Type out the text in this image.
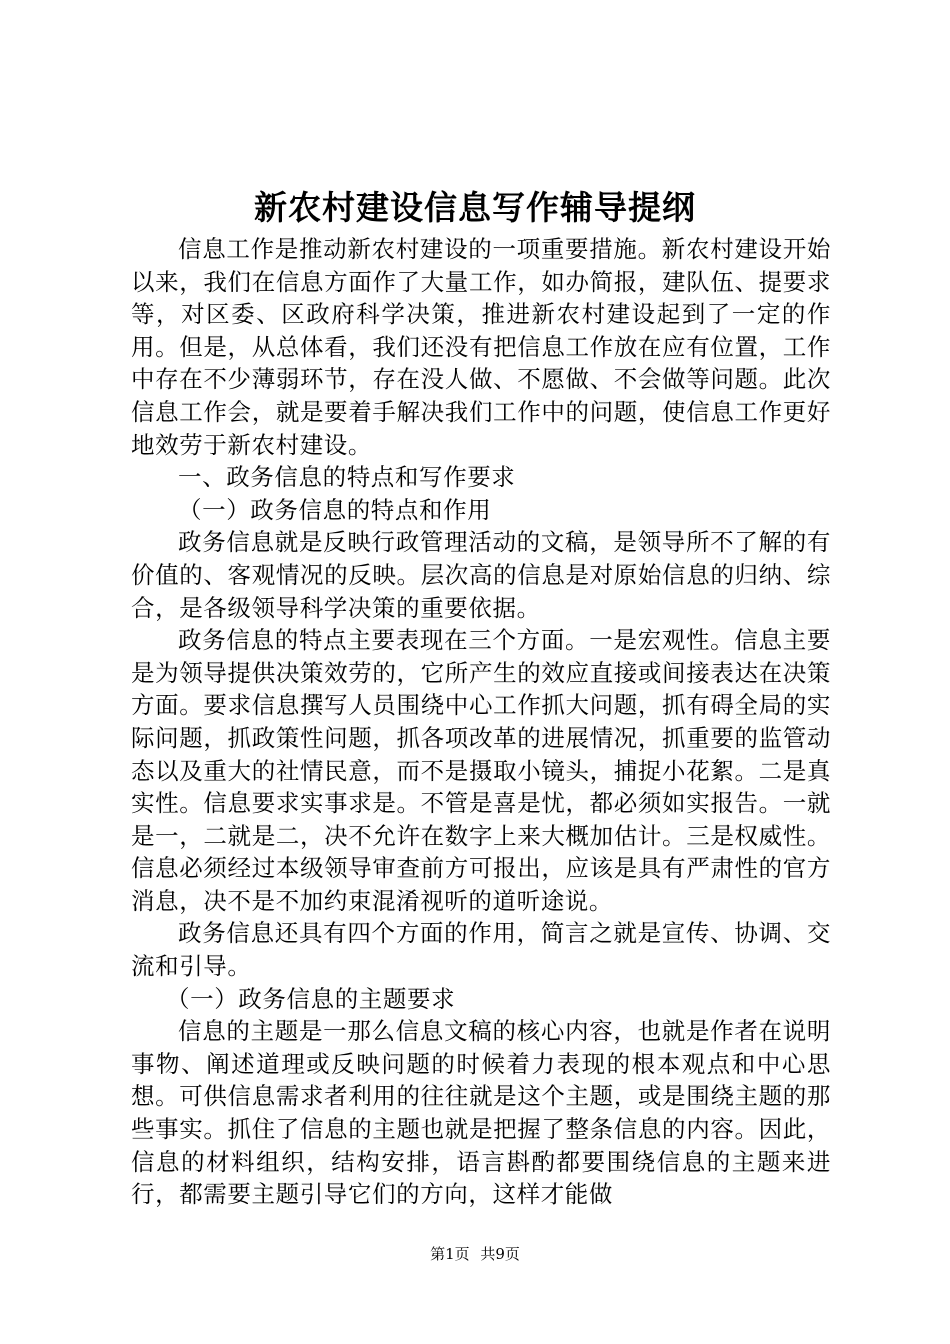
新农村建设信息写作辅导提纲

信息工作是推动新农村建设的一项重要措施。新农村建设开始以来，我们在信息方面作了大量工作，如办简报，建队伍、提要求等，对区委、区政府科学决策，推进新农村建设起到了一定的作用。但是，从总体看，我们还没有把信息工作放在应有位置，工作中存在不少薄弱环节，存在没人做、不愿做、不会做等问题。此次信息工作会，就是要着手解决我们工作中的问题，使信息工作更好地效劳于新农村建设。

一、政务信息的特点和写作要求

（一）政务信息的特点和作用

政务信息就是反映行政管理活动的文稿，是领导所不了解的有价值的、客观情况的反映。层次高的信息是对原始信息的归纳、综合，是各级领导科学决策的重要依据。

政务信息的特点主要表现在三个方面。一是宏观性。信息主要是为领导提供决策效劳的，它所产生的效应直接或间接表达在决策方面。要求信息撰写人员围绕中心工作抓大问题，抓有碍全局的实际问题，抓政策性问题，抓各项改革的进展情况，抓重要的监管动态以及重大的社情民意，而不是摄取小镜头，捕捉小花絮。二是真实性。信息要求实事求是。不管是喜是忧，都必须如实报告。一就是一，二就是二，决不允许在数字上来大概加估计。三是权威性。信息必须经过本级领导审查前方可报出，应该是具有严肃性的官方消息，决不是不加约束混淆视听的道听途说。

政务信息还具有四个方面的作用，简言之就是宣传、协调、交流和引导。

（一）政务信息的主题要求

信息的主题是一那么信息文稿的核心内容，也就是作者在说明事物、阐述道理或反映问题的时候着力表现的根本观点和中心思想。可供信息需求者利用的往往就是这个主题，或是围绕主题的那些事实。抓住了信息的主题也就是把握了整条信息的内容。因此，信息的材料组织，结构安排，语言斟酌都要围绕信息的主题来进行，都需要主题引导它们的方向，这样才能做

第1页 共9页
